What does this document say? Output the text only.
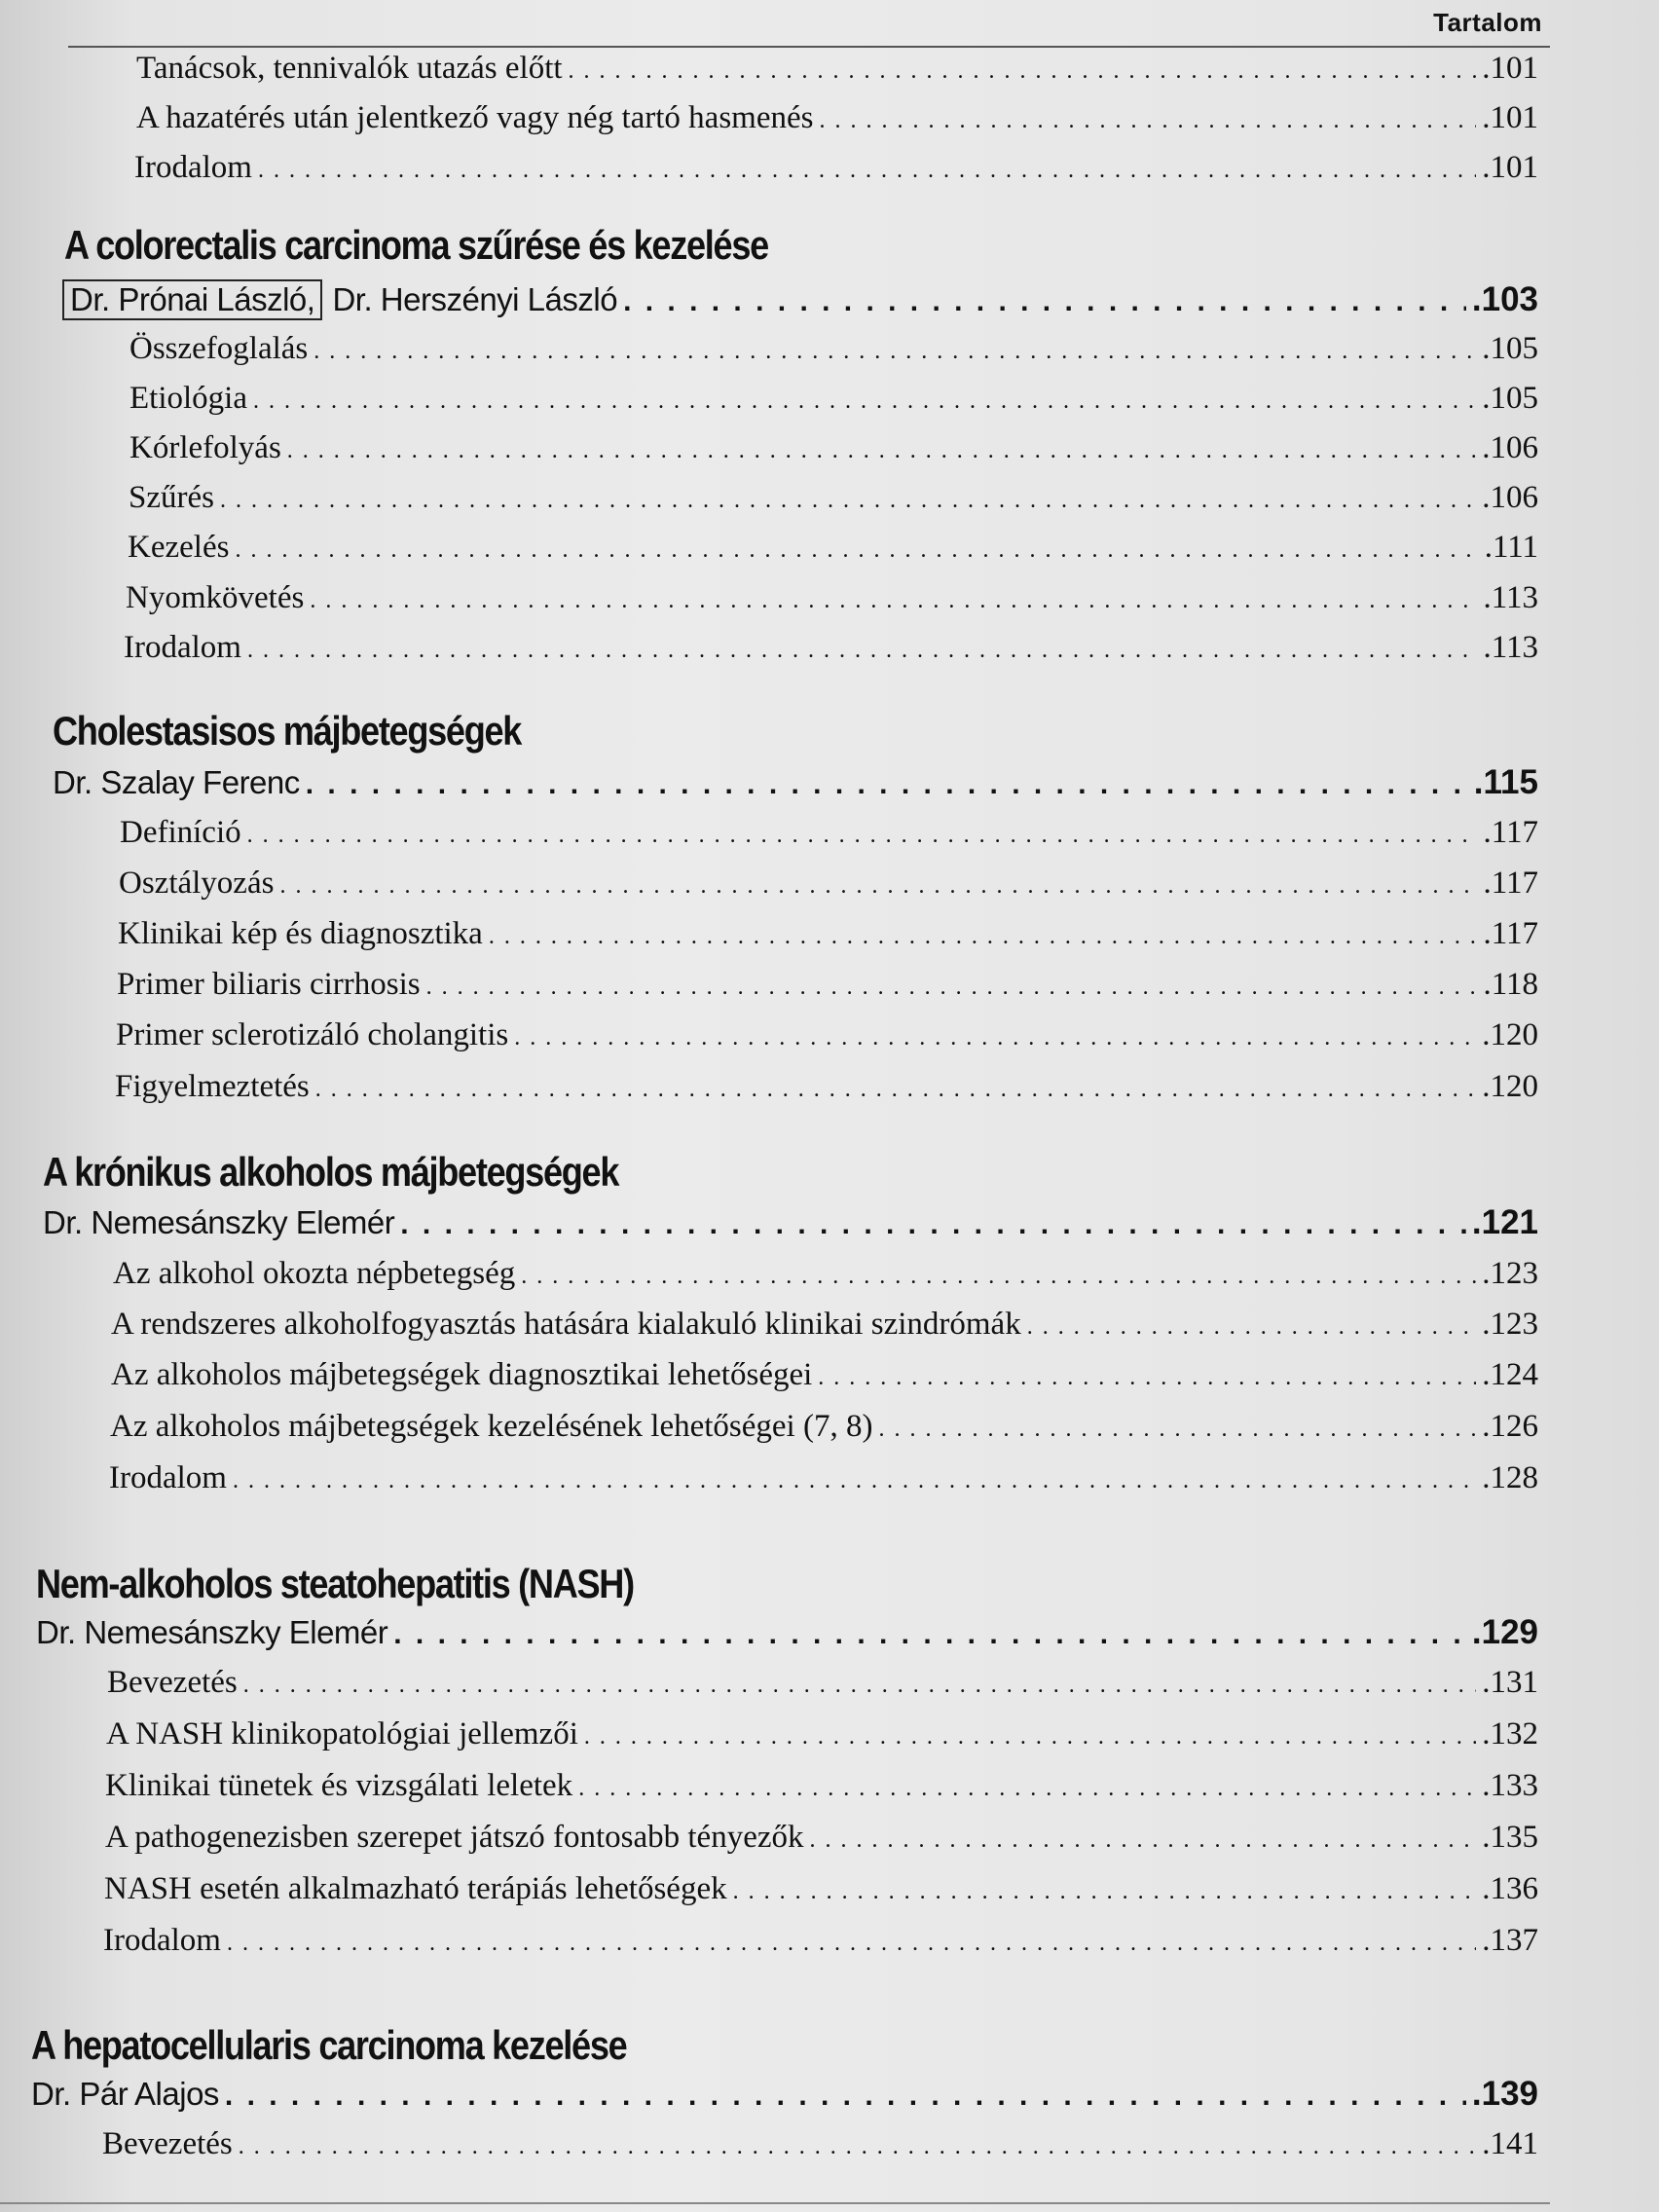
Tartalom
Tanácsok, tennivalók utazás előtt . . .	.101
A hazatérés után jelentkező vagy nég tartó hasmenés . . .	.101
Irodalom . . .	.101
A colorectalis carcinoma szűrése és kezelése
Dr. Prónai László, Dr. Herszényi László . . .	.103
Összefoglalás . . .	.105
Etiológia . . .	.105
Kórlefolyás . . .	.106
Szűrés . . .	.106
Kezelés . . .	.111
Nyomkövetés . . .	.113
Irodalom . . .	.113
Cholestasisos májbetegségek
Dr. Szalay Ferenc . . .	.115
Definíció . . .	.117
Osztályozás . . .	.117
Klinikai kép és diagnosztika . . .	.117
Primer biliaris cirrhosis . . .	.118
Primer sclerotizáló cholangitis . . .	.120
Figyelmeztetés . . .	.120
A krónikus alkoholos májbetegségek
Dr. Nemesánszky Elemér . . .	.121
Az alkohol okozta népbetegség . . .	.123
A rendszeres alkoholfogyasztás hatására kialakuló klinikai szindrómák . . .	.123
Az alkoholos májbetegségek diagnosztikai lehetőségei . . .	.124
Az alkoholos májbetegségek kezelésének lehetőségei (7, 8) . . .	.126
Irodalom . . .	.128
Nem-alkoholos steatohepatitis (NASH)
Dr. Nemesánszky Elemér . . .	.129
Bevezetés . . .	.131
A NASH klinikopatológiai jellemzői . . .	.132
Klinikai tünetek és vizsgálati leletek . . .	.133
A pathogenezisben szerepet játszó fontosabb tényezők . . .	.135
NASH esetén alkalmazható terápiás lehetőségek . . .	.136
Irodalom . . .	.137
A hepatocellularis carcinoma kezelése
Dr. Pár Alajos . . .	.139
Bevezetés . . .	.141
